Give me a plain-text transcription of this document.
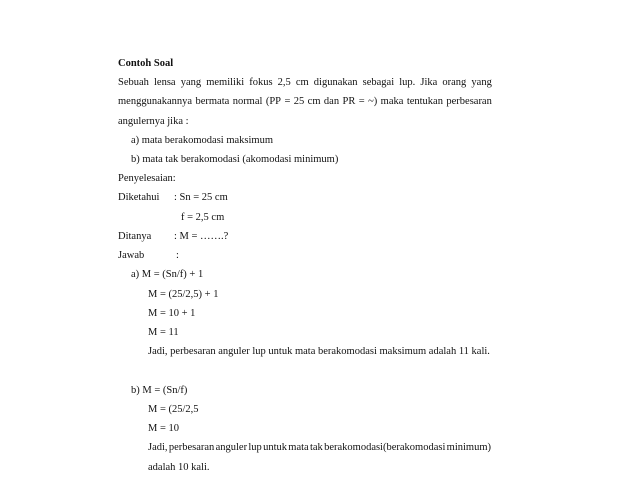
Contoh Soal
Sebuah lensa yang memiliki fokus 2,5 cm digunakan sebagai lup. Jika orang yang
menggunakannya bermata normal (PP = 25 cm dan PR = ~) maka tentukan perbesaran
angulernya jika :
a) mata berakomodasi maksimum
b) mata tak berakomodasi (akomodasi minimum)
Penyelesaian:
Diketahui : Sn = 25 cm
f = 2,5 cm
Ditanya : M = …….?
Jawab	:
a) M = (Sn/f) + 1
M = (25/2,5) + 1
M = 10 + 1
M = 11
Jadi, perbesaran anguler lup untuk mata berakomodasi maksimum adalah 11 kali.
b) M = (Sn/f)
M = (25/2,5
M = 10
Jadi, perbesaran anguler lup untuk mata tak berakomodasi(berakomodasi minimum)
adalah 10 kali.
